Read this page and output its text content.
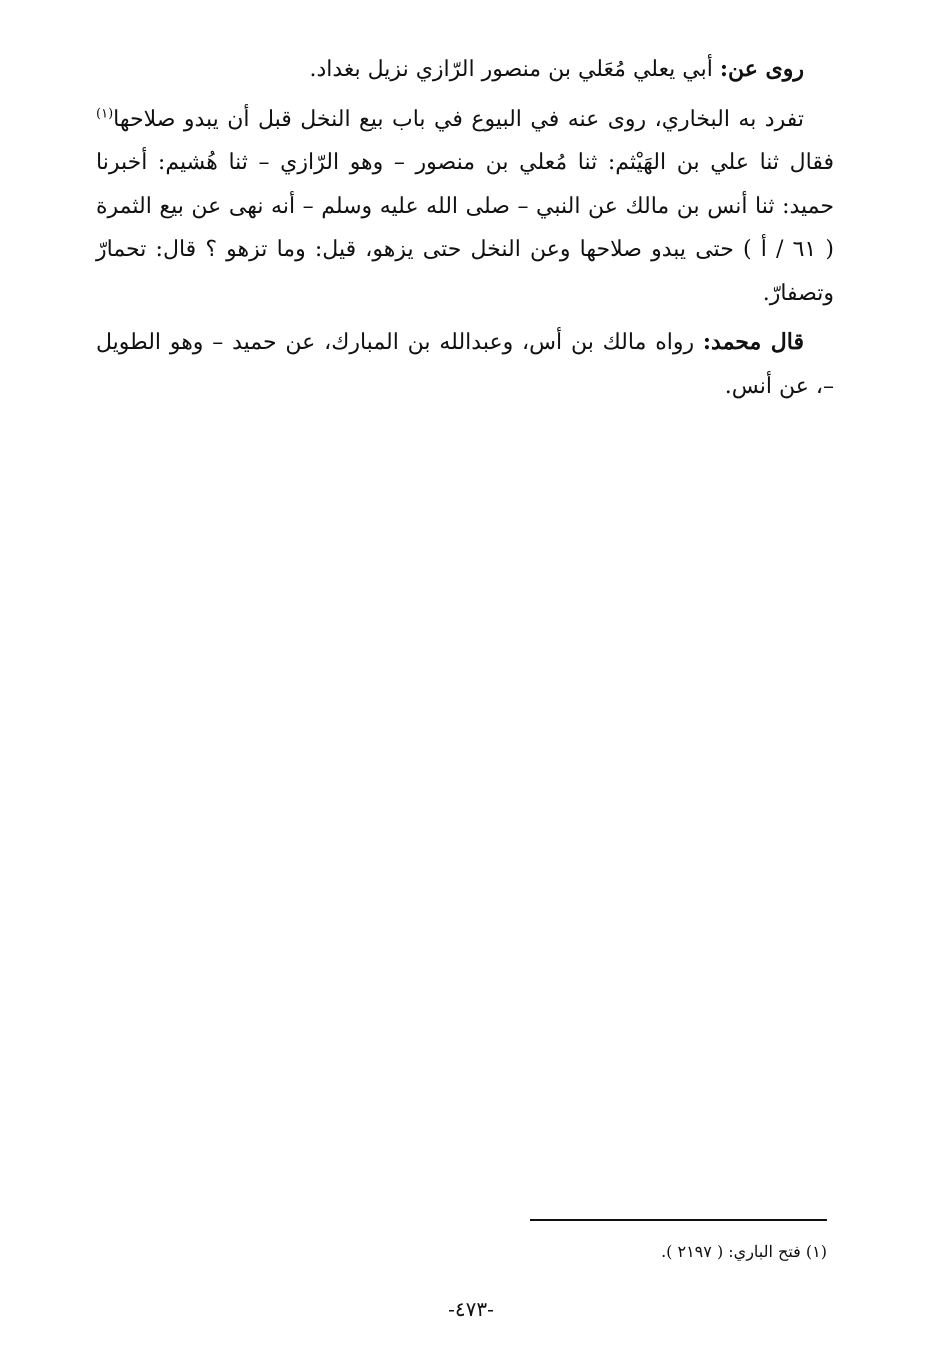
روى عن: أبي يعلي مُعَلي بن منصور الرّازي نزيل بغداد.

تفرد به البخاري، روى عنه في البيوع في باب بيع النخل قبل أن يبدو صلاحها$^{(١)}$ فقال ثنا علي بن الهَيْثم: ثنا مُعلي بن منصور – وهو الرّازي – ثنا هُشيم: أخبرنا حميد: ثنا أنس بن مالك عن النبي – صلى الله عليه وسلم – أنه نهى عن بيع الثمرة ( ٦١ / أ ) حتى يبدو صلاحها وعن النخل حتى يزهو، قيل: وما تزهو ؟ قال: تحمارّ وتصفارّ.

قال محمد: رواه مالك بن أس، وعبدالله بن المبارك، عن حميد – وهو الطويل –، عن أنس.

(١) فتح الباري: ( ٢١٩٧ ).
-٤٧٣-
